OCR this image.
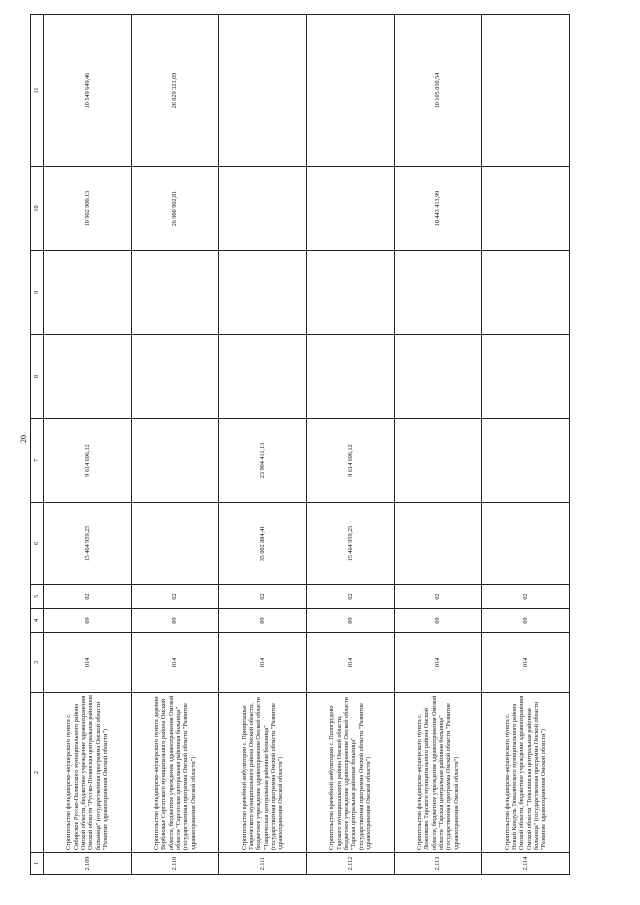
20
1	2	3	4	5	6	7	8	9	10	11
2.109	Строительство фельдшерско-акушерского пункта с. Сибирское Русско-Полянского муниципального района Омской области, бюджетное учреждение здравоохранения Омской области "Русско-Полянская центральная районная больница" (государственная программа Омской области "Развитие здравоохранения Омской области")	014	09	02	15 464 959,25	9 614 696,12			10 902 900,13	10 549 649,46
2.110	Строительство фельдшерско-акушерского пункта деревни Верблюжье Саргатского муниципального района Омской области, бюджетное учреждение здравоохранения Омской области "Саргатская центральная районная больница" (государственная программа Омской области "Развитие здравоохранения Омской области")	014	09	02					26 900 902,81	26 029 321,69
2.111	Строительство врачебной амбулатории с. Прииртышье Таврического муниципального района Омской области, бюджетное учреждение здравоохранения Омской области "Таврическая центральная районная больница" (государственная программа Омской области "Развитие здравоохранения Омской области")	014	09	02	35 002 884,41	23 904 411,13				
2.112	Строительство врачебной амбулатории с. Пологрудово Тарского муниципального района Омской области, бюджетное учреждение здравоохранения Омской области "Тарская центральная районная больница" (государственная программа Омской области "Развитие здравоохранения Омской области")	014	09	02	15 464 959,25	9 614 696,12				
2.113	Строительство фельдшерско-акушерского пункта с. Ложниково Тарского муниципального района Омской области, бюджетное учреждение здравоохранения Омской области "Тарская центральная районная больница" (государственная программа Омской области "Развитие здравоохранения Омской области")	014	09	02					10 443 413,99	10 105 050,54
2.114	Строительство фельдшерско-акушерского пункта с. Новый Кондуль Тюкалинского муниципального района Омской области, бюджетное учреждение здравоохранения Омской области "Тюкалинская центральная районная больница" (государственная программа Омской области "Развитие здравоохранения Омской области")	014	09	02						
